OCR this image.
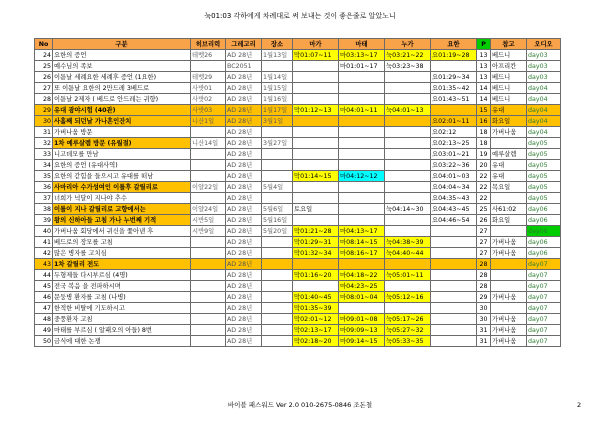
눅01:03 각하에게 차례대로 써 보내는 것이 좋은줄로 알았노니
No	구분	히브리력	그레고리	장소	마가	마태	누가	요한	P	참고	오디오
24	요한의 증언	테벳26	AD 28년	1월13일	막01:07~11	마03:13~17	눅03:21~22	요01:19~28	13	베드니	day03
25	예수님의 족보		BC2051			마01:01~17	눅03:23~38		13	아프리칸	day03
26	이튿날 세례요한 세례후 증언 (1요한)	테벳29	AD 28년	1월14일				요01:29~34	13	베드니	day03
27	또 이튿날 요한의 2만드레 3베드로	사밧01	AD 28년	1월15일				요01:35~42	14	베드니	day04
28	이튿날 2제자 ( 베드로 안드레는 귀향)	사밧02	AD 28년	1월16일				요01:43~51	14	베드니	day04
29	유대 광야시험 (40관)	사밧03	AD 28년	1월17일	막01:12~13	마04:01~11	눅04:01~13		15	유대	day04
30	사흘째 되던날 가나혼인잔치	니산1일	AD 28년	3월1일				요02:01~11	16	화요일	day04
31	가버나움 방문		AD 28년					요02:12	18	가버나움	day04
32	1차 예루살렘 방문 (유월절)	니산14일	AD 28년	3월27일				요02:13~25	18		day05
33	니고데모를 만남		AD 28년					요03:01~21	19	예루살렘	day05
34	요한의 증언 (유대사역)		AD 28년					요03:22~36	20	유대	day05
35	요한의 갇힘을 들으시고 유대를 떠남		AD 28년		막01:14~15	마04:12~12		요04:01~03	22	유대	day05
36	사마리아 수가성여인 이틀후 갈릴리로	이얄22일	AD 28년	5월4일				요04:04~34	22	목요일	day05
37	너희가 넉달이 지나야 추수		AD 28년					요04:35~43	22		day05
38	이틀이 지나 갈릴리로 고향에서는	이얄24일	AD 28년	5월6일	토요일		눅04:14~30	요04:43~45	25	사61:02	day06
39	왕의 신하아들 고침 가나 누번째 기적	시반5일	AD 28년	5월16일				요04:46~54	26	화요일	day06
40	가버나움 회당에서 귀신을 쫓아낸 후	시반9일	AD 28년	5월20일	막01:21~28	마04:13~17			27		day06
41	베드로의 장모를 고침		AD 28년		막01:29~31	마08:14~15	눅04:38~39		27	가버나움	day06
42	많은 병자를 고치심		AD 28년		막01:32~34	마08:16~17	눅04:40~44		27	가버나움	day06
43	1차 갈릴리 전도		AD 28년						28		day07
44	두형제들 다시부르심 (4명)		AD 28년		막01:16~20	마04:18~22	눅05:01~11		28		day07
45	전국 복음 을 전파하시며		AD 28년			마04:23~25			28		day07
46	문둥병 환자를 고침 (나병)		AD 28년		막01:40~45	마08:01~04	눅05:12~16		29	가버나움	day07
47	한적한 비탈에 기도하시고		AD 28년		막01:35~39				30		day07
48	중풍환자 고침		AD 28년		막02:01~12	마09:01~08	눅05:17~26		30	가버나움	day07
49	마태를 부르심 ( 알패오의 아들) 8번		AD 28년		막02:13~17	마09:09~13	눅05:27~32		31	가버나움	day07
50	금식에 대한 논쟁		AD 28년		막02:18~20	마09:14~15	눅05:33~35		31	가버나움	day07
바이블 패스워드 Ver 2.0 010-2675-0846 조돈철	2
